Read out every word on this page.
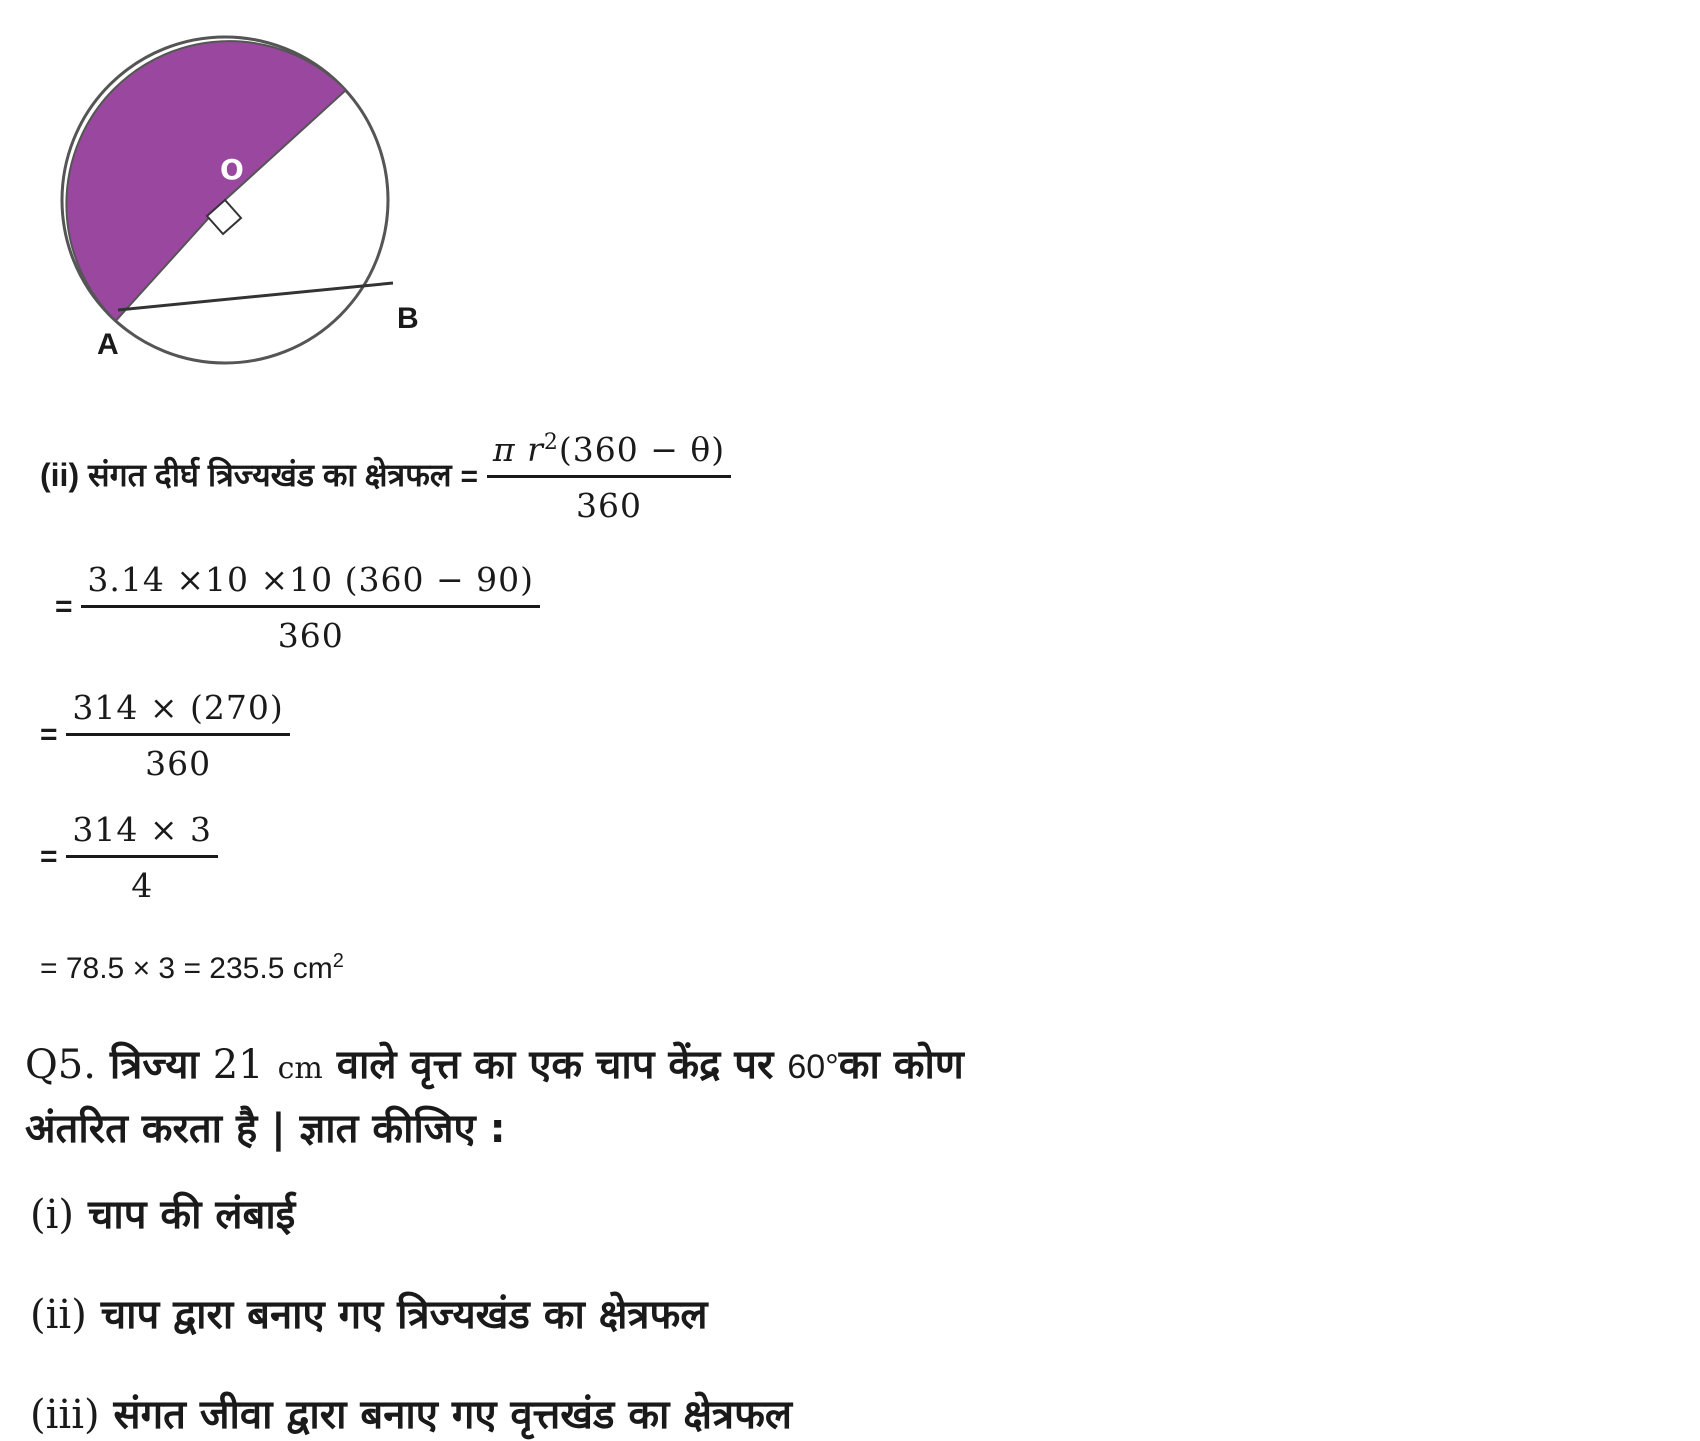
O
10 cm
A
B
(ii) संगत दीर्घ त्रिज्यखंड का क्षेत्रफल = $\frac{\pi r^2(360 - \theta)}{360}$
= $\frac{3.14 \times 10 \times 10 (360 - 90)}{360}$
= $\frac{314 \times (270)}{360}$
= $\frac{314 \times 3}{4}$
= 78.5 × 3 = 235.5 $cm^2$
Q5. त्रिज्या 21 cm वाले वृत्त का एक चाप केंद्र पर 60°का कोण
अंतरित करता है | ज्ञात कीजिए :
(i) चाप की लंबाई
(ii) चाप द्वारा बनाए गए त्रिज्यखंड का क्षेत्रफल
(iii) संगत जीवा द्वारा बनाए गए वृत्तखंड का क्षेत्रफल
